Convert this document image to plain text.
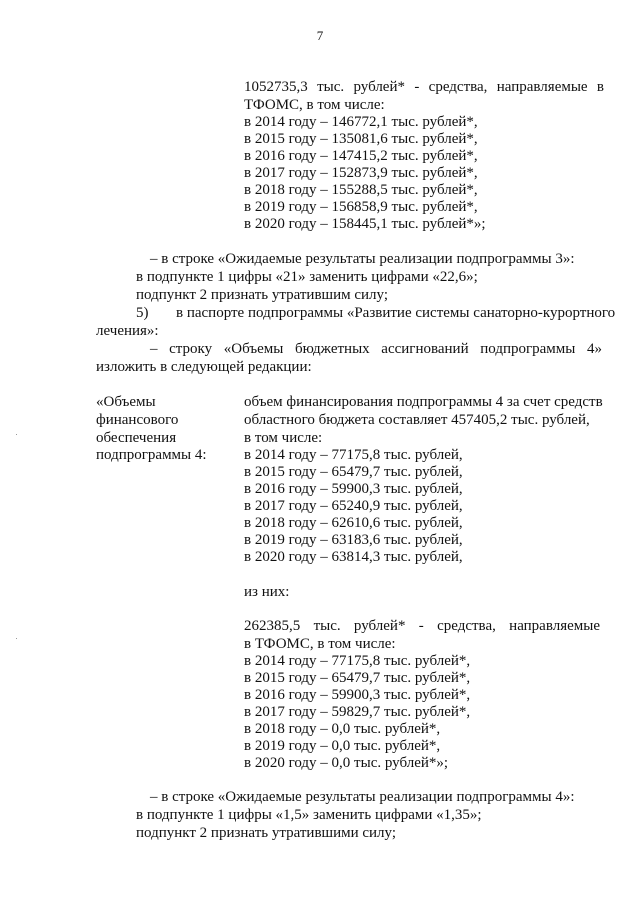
7
1052735,3 тыс. рублей* - средства, направляемые в
ТФОМС, в том числе:
в 2014 году – 146772,1 тыс. рублей*,
в 2015 году – 135081,6 тыс. рублей*,
в 2016 году – 147415,2 тыс. рублей*,
в 2017 году – 152873,9 тыс. рублей*,
в 2018 году – 155288,5 тыс. рублей*,
в 2019 году – 156858,9 тыс. рублей*,
в 2020 году – 158445,1 тыс. рублей*»;
– в строке «Ожидаемые результаты реализации подпрограммы 3»:
в подпункте 1 цифры «21» заменить цифрами «22,6»;
подпункт 2 признать утратившим силу;
5) в паспорте подпрограммы «Развитие системы санаторно-курортного
лечения»:
– строку «Объемы бюджетных ассигнований подпрограммы 4»
изложить в следующей редакции:
«Объемы
финансового
обеспечения
подпрограммы 4:
объем финансирования подпрограммы 4 за счет средств
областного бюджета составляет 457405,2 тыс. рублей,
в том числе:
в 2014 году – 77175,8 тыс. рублей,
в 2015 году – 65479,7 тыс. рублей,
в 2016 году – 59900,3 тыс. рублей,
в 2017 году – 65240,9 тыс. рублей,
в 2018 году – 62610,6 тыс. рублей,
в 2019 году – 63183,6 тыс. рублей,
в 2020 году – 63814,3 тыс. рублей,
из них:
262385,5 тыс. рублей* - средства, направляемые
в ТФОМС, в том числе:
в 2014 году – 77175,8 тыс. рублей*,
в 2015 году – 65479,7 тыс. рублей*,
в 2016 году – 59900,3 тыс. рублей*,
в 2017 году – 59829,7 тыс. рублей*,
в 2018 году – 0,0 тыс. рублей*,
в 2019 году – 0,0 тыс. рублей*,
в 2020 году – 0,0 тыс. рублей*»;
– в строке «Ожидаемые результаты реализации подпрограммы 4»:
в подпункте 1 цифры «1,5» заменить цифрами «1,35»;
подпункт 2 признать утратившими силу;
